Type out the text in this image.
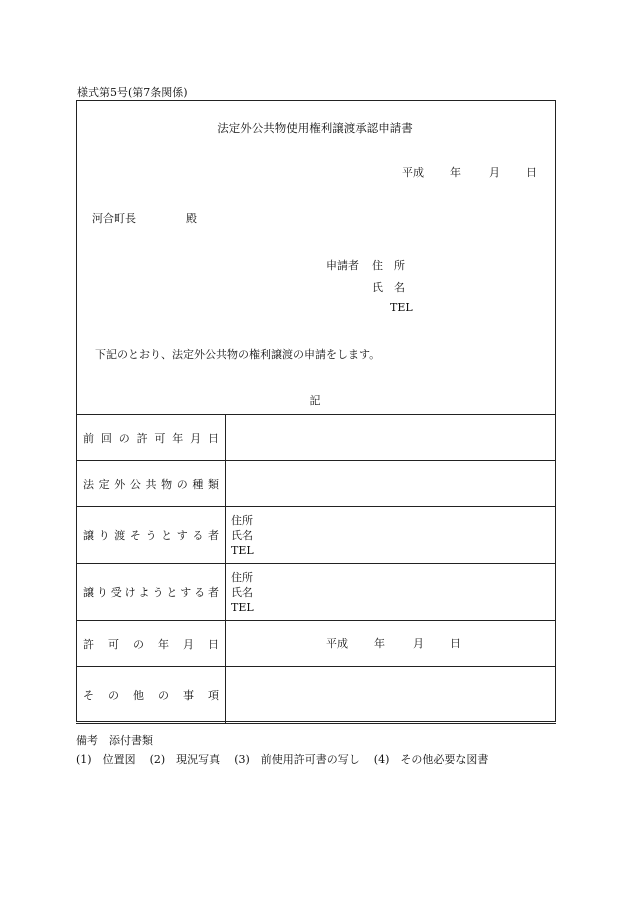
様式第5号(第7条関係)
法定外公共物使用権利譲渡承認申請書
平成 年	月 日
河合町長	殿
申請者 住　所
氏　名
TEL
下記のとおり、法定外公共物の権利譲渡の申請をします。
記
前回の許可年月日	
法定外公共物の種類	
譲り渡そうとする者	住所
氏名
TEL

譲り受けようとする者	住所
氏名
TEL

許　可　の　年　月　日	平成 年 月 日
そ　の　他　の　事　項	
備考　添付書類
(1)　位置図 (2)　現況写真 (3)　前使用許可書の写し (4)　その他必要な図書
